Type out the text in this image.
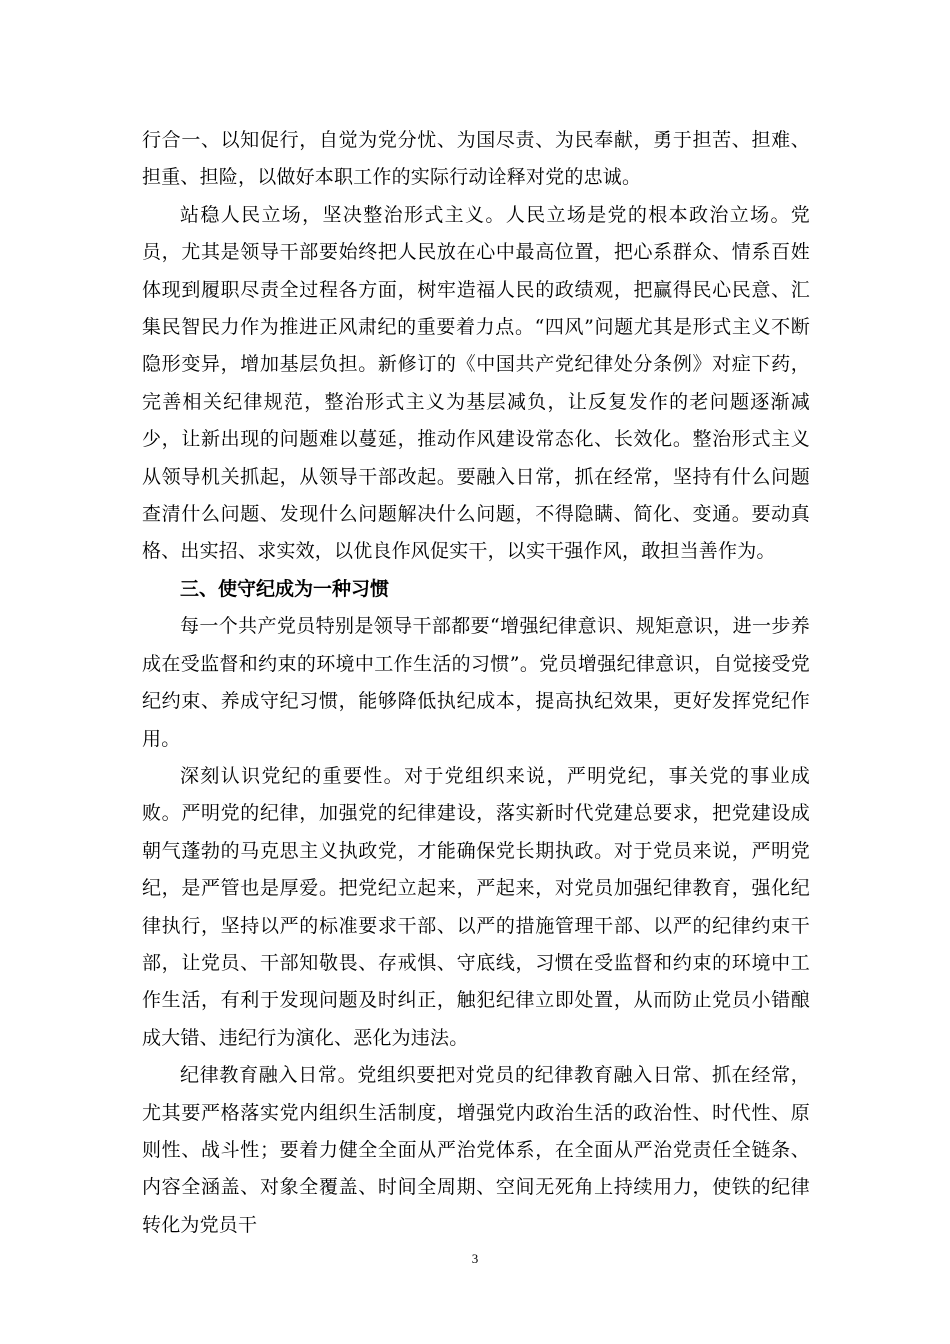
行合一、以知促行，自觉为党分忧、为国尽责、为民奉献，勇于担苦、担难、担重、担险，以做好本职工作的实际行动诠释对党的忠诚。

站稳人民立场，坚决整治形式主义。人民立场是党的根本政治立场。党员，尤其是领导干部要始终把人民放在心中最高位置，把心系群众、情系百姓体现到履职尽责全过程各方面，树牢造福人民的政绩观，把赢得民心民意、汇集民智民力作为推进正风肃纪的重要着力点。“四风”问题尤其是形式主义不断隐形变异，增加基层负担。新修订的《中国共产党纪律处分条例》对症下药，完善相关纪律规范，整治形式主义为基层减负，让反复发作的老问题逐渐减少，让新出现的问题难以蔓延，推动作风建设常态化、长效化。整治形式主义从领导机关抓起，从领导干部改起。要融入日常，抓在经常，坚持有什么问题查清什么问题、发现什么问题解决什么问题，不得隐瞒、简化、变通。要动真格、出实招、求实效，以优良作风促实干，以实干强作风，敢担当善作为。

三、使守纪成为一种习惯

每一个共产党员特别是领导干部都要“增强纪律意识、规矩意识，进一步养成在受监督和约束的环境中工作生活的习惯”。党员增强纪律意识，自觉接受党纪约束、养成守纪习惯，能够降低执纪成本，提高执纪效果，更好发挥党纪作用。

深刻认识党纪的重要性。对于党组织来说，严明党纪，事关党的事业成败。严明党的纪律，加强党的纪律建设，落实新时代党建总要求，把党建设成朝气蓬勃的马克思主义执政党，才能确保党长期执政。对于党员来说，严明党纪，是严管也是厚爱。把党纪立起来，严起来，对党员加强纪律教育，强化纪律执行，坚持以严的标准要求干部、以严的措施管理干部、以严的纪律约束干部，让党员、干部知敬畏、存戒惧、守底线，习惯在受监督和约束的环境中工作生活，有利于发现问题及时纠正，触犯纪律立即处置，从而防止党员小错酿成大错、违纪行为演化、恶化为违法。

纪律教育融入日常。党组织要把对党员的纪律教育融入日常、抓在经常，尤其要严格落实党内组织生活制度，增强党内政治生活的政治性、时代性、原则性、战斗性；要着力健全全面从严治党体系，在全面从严治党责任全链条、内容全涵盖、对象全覆盖、时间全周期、空间无死角上持续用力，使铁的纪律转化为党员干

3
